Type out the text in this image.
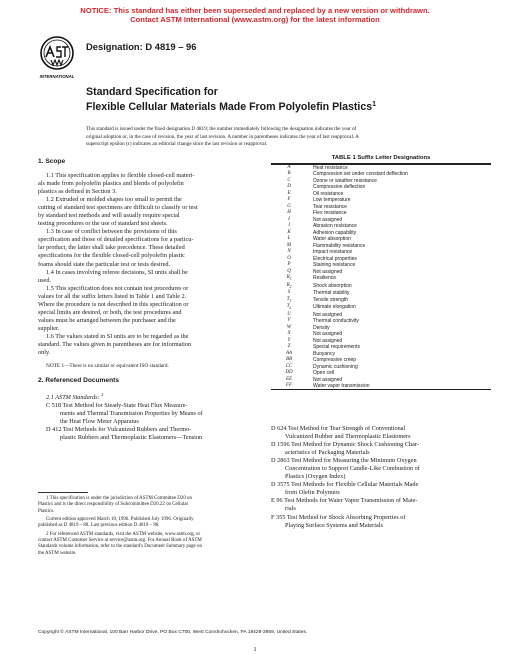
NOTICE: This standard has either been superseded and replaced by a new version or withdrawn.
Contact ASTM International (www.astm.org) for the latest information
INTERNATIONAL
Designation: D 4819 – 96
Standard Specification for
Flexible Cellular Materials Made From Polyolefin Plastics$^1$
This standard is issued under the fixed designation D 4819; the number immediately following the designation indicates the year of
original adoption or, in the case of revision, the year of last revision. A number in parentheses indicates the year of last reapproval. A
superscript epsilon (ε) indicates an editorial change since the last revision or reapproval.
1. Scope
1.1 This specification applies to flexible closed-cell materi-
als made from polyolefin plastics and blends of polyolefin
plastics as defined in Section 3.
1.2 Extruded or molded shapes too small to permit the
cutting of standard test specimens are difficult to classify or test
by standard test methods and will usually require special
testing procedures or the use of standard test sheets.
1.3 In case of conflict between the provisions of this
specification and those of detailed specifications for a particu-
lar product, the latter shall take precedence. These detailed
specifications for the flexible closed-cell polyolefin plastic
foams should state the particular test or tests desired.
1.4 In cases involving referee decisions, SI units shall be
used.
1.5 This specification does not contain test procedures or
values for all the suffix letters listed in Table 1 and Table 2.
Where the procedure is not described in this specification or
special limits are desired, or both, the test procedures and
values must be arranged between the purchaser and the
supplier.
1.6 The values stated in SI units are to be regarded as the
standard. The values given in parentheses are for information
only.
NOTE 1—There is no similar or equivalent ISO standard.
2. Referenced Documents
2.1 ASTM Standards: $^2$
C 518 Test Method for Steady-State Heat Flux Measure-
ments and Thermal Transmission Properties by Means of
the Heat Flow Meter Apparatus
D 412 Test Methods for Vulcanized Rubbers and Thermo-
plastic Rubbers and Thermoplastic Elastomers—Tension
TABLE 1 Suffix Letter Designations
A	Heat resistance
B	Compression set under constant deflection
C	Ozone or weather resistance
D	Compression deflection
E	Oil resistance
F	Low temperature
G	Tear resistance
H	Flex resistance
I	Not assigned
J	Abrasion resistance
K	Adhesion capability
L	Water absorption
M	Flammability resistance
N	Impact resistance
O	Electrical properties
P	Staining resistance
Q	Not assigned
$R_1$	Resilience
$R_2$	Shock absorption
S	Thermal stability
$T_1$	Tensile strength
$T_2$	Ultimate elongation
U	Not assigned
V	Thermal conductivity
W	Density
X	Not assigned
Y	Not assigned
Z	Special requirements
AA	Buoyancy
BB	Compressive creep
CC	Dynamic cushioning
DD	Open cell
EE	Not assigned
FF	Water vapor transmission
D 624 Test Method for Tear Strength of Conventional
Vulcanized Rubber and Thermoplastic Elastomers
D 1596 Test Method for Dynamic Shock Cushioning Char-
acteristics of Packaging Materials
D 2863 Test Method for Measuring the Minimum Oxygen
Concentration to Support Candle-Like Combustion of
Plastics (Oxygen Index)
D 3575 Test Methods for Flexible Cellular Materials Made
from Olefin Polymers
E 96 Test Methods for Water Vapor Transmission of Mate-
rials
F 355 Test Method for Shock Absorbing Properties of
Playing Surface Systems and Materials
1 This specification is under the jurisdiction of ASTM Committee D20 on
Plastics and is the direct responsibility of Subcommittee D20.22 on Cellular
Plastics.
Current edition approved March 10, 1996. Published July 1996. Originally
published as D 4819 – 88. Last previous edition D 4819 – 88.
2 For referenced ASTM standards, visit the ASTM website, www.astm.org, or
contact ASTM Customer Service at service@astm.org. For Annual Book of ASTM
Standards volume information, refer to the standard's Document Summary page on
the ASTM website.
Copyright © ASTM International, 100 Barr Harbor Drive, PO Box C700, West Conshohocken, PA 19428-2959, United States.
1
